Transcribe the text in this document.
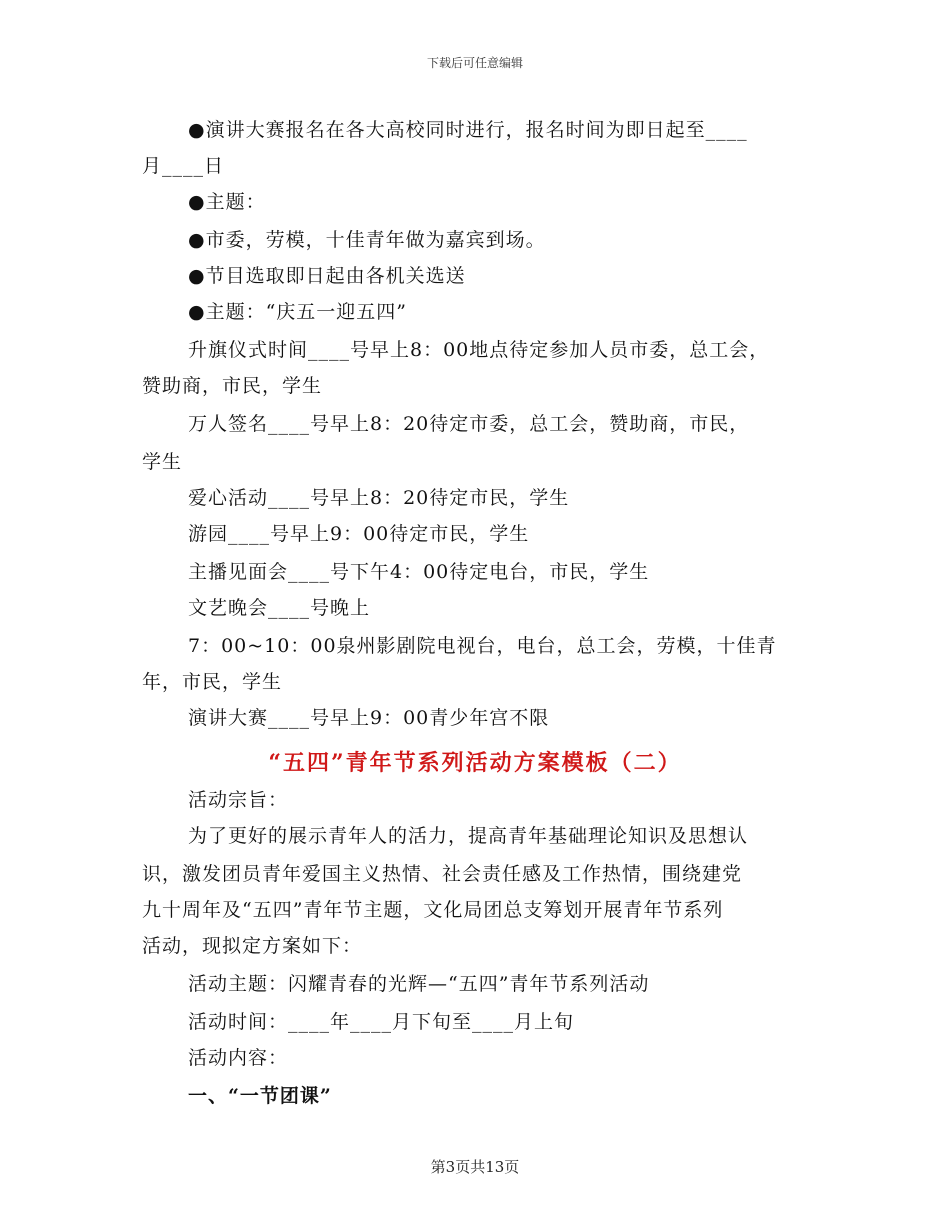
下载后可任意编辑
●演讲大赛报名在各大高校同时进行，报名时间为即日起至____
月____日
●主题：
●市委，劳模，十佳青年做为嘉宾到场。
●节目选取即日起由各机关选送
●主题：“庆五一迎五四”
升旗仪式时间____号早上8：00地点待定参加人员市委，总工会，
赞助商，市民，学生
万人签名____号早上8：20待定市委，总工会，赞助商，市民，
学生
爱心活动____号早上8：20待定市民，学生
游园____号早上9：00待定市民，学生
主播见面会____号下午4：00待定电台，市民，学生
文艺晚会____号晚上
7：00~10：00泉州影剧院电视台，电台，总工会，劳模，十佳青
年，市民，学生
演讲大赛____号早上9：00青少年宫不限
“五四”青年节系列活动方案模板（二）
活动宗旨：
为了更好的展示青年人的活力，提高青年基础理论知识及思想认
识，激发团员青年爱国主义热情、社会责任感及工作热情，围绕建党
九十周年及“五四”青年节主题，文化局团总支筹划开展青年节系列
活动，现拟定方案如下：
活动主题：闪耀青春的光辉—“五四”青年节系列活动
活动时间：____年____月下旬至____月上旬
活动内容：
一、“一节团课”
第3页共13页
